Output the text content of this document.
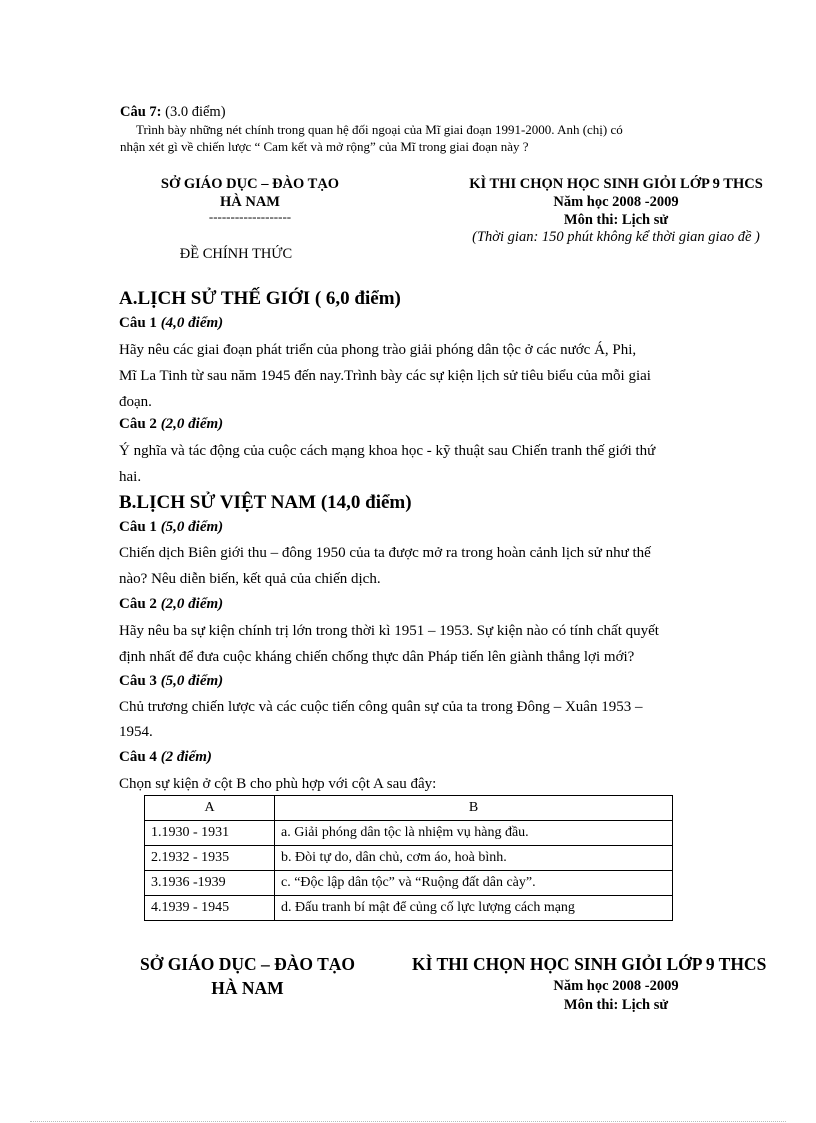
Câu 7: (3.0 điểm)
Trình bày những nét chính trong quan hệ đối ngoại của Mĩ giai đoạn 1991-2000. Anh (chị) có
nhận xét gì về chiến lược “ Cam kết và mở rộng” của Mĩ trong giai đoạn này ?
SỞ GIÁO DỤC – ĐÀO TẠO
HÀ NAM
-------------------
ĐỀ CHÍNH THỨC
KÌ THI CHỌN HỌC SINH GIỎI LỚP 9 THCS
Năm học 2008 -2009
Môn thi: Lịch sử
(Thời gian: 150 phút không kể thời gian giao đề )
A.LỊCH SỬ THẾ GIỚI ( 6,0 điểm)
Câu 1 (4,0 điểm)
Hãy nêu các giai đoạn phát triển của phong trào giải phóng dân tộc ở các nước Á, Phi,
Mĩ La Tinh từ sau năm 1945 đến nay.Trình bày các sự kiện lịch sử tiêu biểu của mỗi giai
đoạn.
Câu 2 (2,0 điểm)
Ý nghĩa và tác động của cuộc cách mạng khoa học - kỹ thuật sau Chiến tranh thế giới thứ
hai.
B.LỊCH SỬ VIỆT NAM (14,0 điểm)
Câu 1 (5,0 điểm)
Chiến dịch Biên giới thu – đông 1950 của ta được mở ra trong hoàn cảnh lịch sử như thế
nào? Nêu diễn biến, kết quả của chiến dịch.
Câu 2 (2,0 điểm)
Hãy nêu ba sự kiện chính trị lớn trong thời kì 1951 – 1953. Sự kiện nào có tính chất quyết
định nhất để đưa cuộc kháng chiến chống thực dân Pháp tiến lên giành thắng lợi mới?
Câu 3 (5,0 điểm)
Chủ trương chiến lược và các cuộc tiến công quân sự của ta trong Đông – Xuân 1953 –
1954.
Câu 4 (2 điểm)
Chọn sự kiện ở cột B cho phù hợp với cột A sau đây:
A	B
1.1930 - 1931	a. Giải phóng dân tộc là nhiệm vụ hàng đầu.
2.1932 - 1935	b. Đòi tự do, dân chủ, cơm áo, hoà bình.
3.1936 -1939	c. “Độc lập dân tộc” và “Ruộng đất dân cày”.
4.1939 - 1945	d. Đấu tranh bí mật để củng cố lực lượng cách mạng
SỞ GIÁO DỤC – ĐÀO TẠO
HÀ NAM
KÌ THI CHỌN HỌC SINH GIỎI LỚP 9 THCS
Năm học 2008 -2009
Môn thi: Lịch sử
